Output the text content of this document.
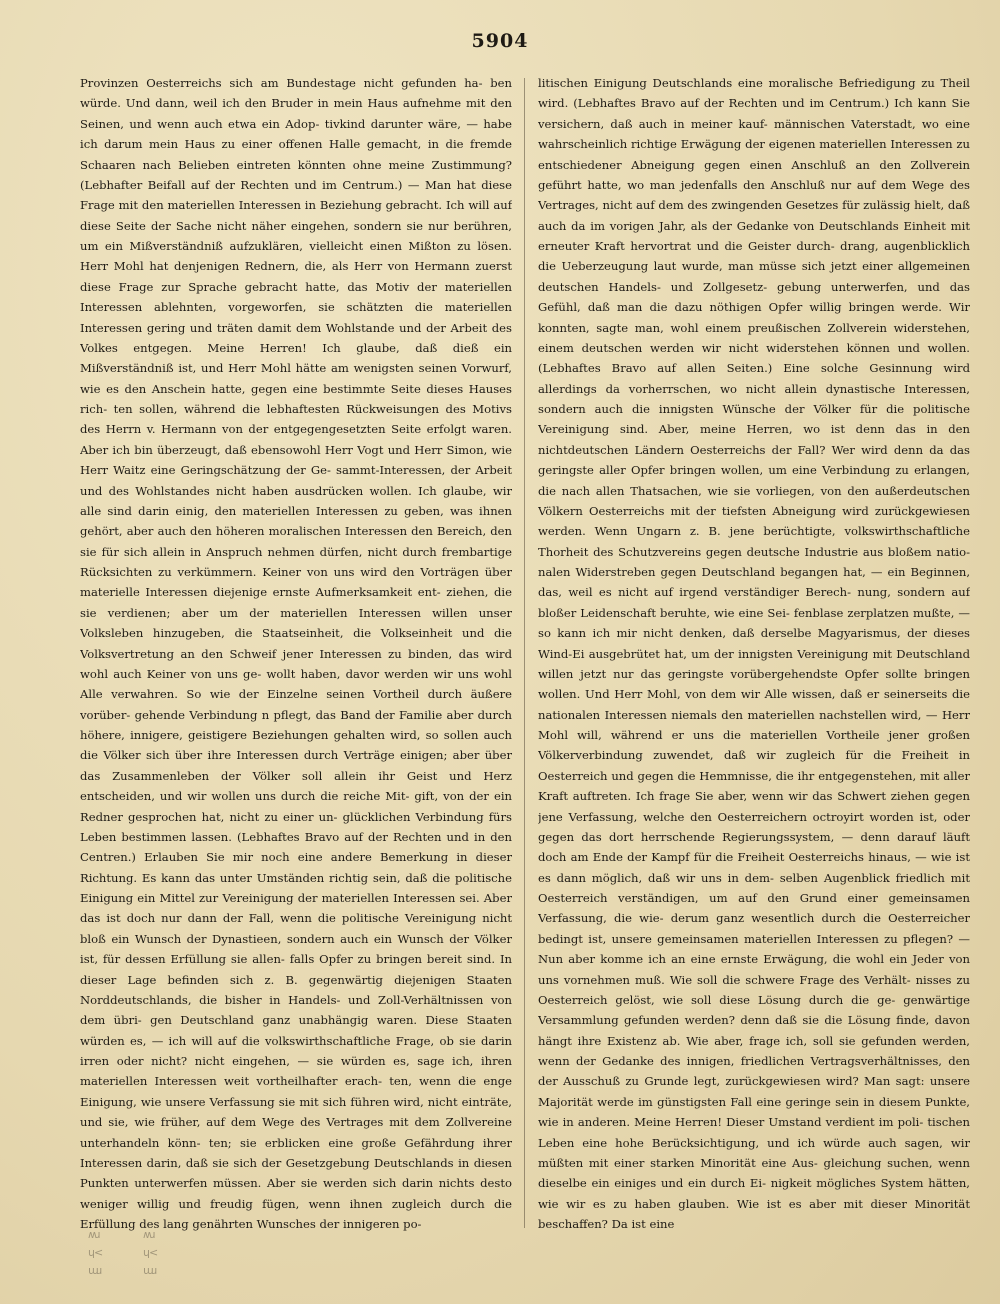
5904

Provinzen Oesterreichs sich am Bundestage nicht gefunden ha- ben würde. Und dann, weil ich den Bruder in mein Haus aufnehme mit den Seinen, und wenn auch etwa ein Adop- tivkind darunter wäre, — habe ich darum mein Haus zu einer offenen Halle gemacht, in die fremde Schaaren nach Belieben eintreten könnten ohne meine Zustimmung? (Lebhafter Beifall auf der Rechten und im Centrum.) — Man hat diese Frage mit den materiellen Interessen in Beziehung gebracht. Ich will auf diese Seite der Sache nicht näher eingehen, sondern sie nur berühren, um ein Mißverständniß aufzuklären, vielleicht einen Mißton zu lösen. Herr Mohl hat denjenigen Rednern, die, als Herr von Hermann zuerst diese Frage zur Sprache gebracht hatte, das Motiv der materiellen Interessen ablehnten, vorgeworfen, sie schätzten die materiellen Interessen gering und träten damit dem Wohlstande und der Arbeit des Volkes entgegen. Meine Herren! Ich glaube, daß dieß ein Mißverständniß ist, und Herr Mohl hätte am wenigsten seinen Vorwurf, wie es den Anschein hatte, gegen eine bestimmte Seite dieses Hauses rich- ten sollen, während die lebhaftesten Rückweisungen des Motivs des Herrn v. Hermann von der entgegengesetzten Seite erfolgt waren. Aber ich bin überzeugt, daß ebensowohl Herr Vogt und Herr Simon, wie Herr Waitz eine Geringschätzung der Ge- sammt-Interessen, der Arbeit und des Wohlstandes nicht haben ausdrücken wollen. Ich glaube, wir alle sind darin einig, den materiellen Interessen zu geben, was ihnen gehört, aber auch den höheren moralischen Interessen den Bereich, den sie für sich allein in Anspruch nehmen dürfen, nicht durch frembartige Rücksichten zu verkümmern. Keiner von uns wird den Vorträgen über materielle Interessen diejenige ernste Aufmerksamkeit ent- ziehen, die sie verdienen; aber um der materiellen Interessen willen unser Volksleben hinzugeben, die Staatseinheit, die Volkseinheit und die Volksvertretung an den Schweif jener Interessen zu binden, das wird wohl auch Keiner von uns ge- wollt haben, davor werden wir uns wohl Alle verwahren. So wie der Einzelne seinen Vortheil durch äußere vorüber- gehende Verbindung n pflegt, das Band der Familie aber durch höhere, innigere, geistigere Beziehungen gehalten wird, so sollen auch die Völker sich über ihre Interessen durch Verträge einigen; aber über das Zusammenleben der Völker soll allein ihr Geist und Herz entscheiden, und wir wollen uns durch die reiche Mit- gift, von der ein Redner gesprochen hat, nicht zu einer un- glücklichen Verbindung fürs Leben bestimmen lassen. (Lebhaftes Bravo auf der Rechten und in den Centren.) Erlauben Sie mir noch eine andere Bemerkung in dieser Richtung. Es kann das unter Umständen richtig sein, daß die politische Einigung ein Mittel zur Vereinigung der materiellen Interessen sei. Aber das ist doch nur dann der Fall, wenn die politische Vereinigung nicht bloß ein Wunsch der Dynastieen, sondern auch ein Wunsch der Völker ist, für dessen Erfüllung sie allen- falls Opfer zu bringen bereit sind. In dieser Lage befinden sich z. B. gegenwärtig diejenigen Staaten Norddeutschlands, die bisher in Handels- und Zoll-Verhältnissen von dem übri- gen Deutschland ganz unabhängig waren. Diese Staaten würden es, — ich will auf die volkswirthschaftliche Frage, ob sie darin irren oder nicht? nicht eingehen, — sie würden es, sage ich, ihren materiellen Interessen weit vortheilhafter erach- ten, wenn die enge Einigung, wie unsere Verfassung sie mit sich führen wird, nicht einträte, und sie, wie früher, auf dem Wege des Vertrages mit dem Zollvereine unterhandeln könn- ten; sie erblicken eine große Gefährdung ihrer Interessen darin, daß sie sich der Gesetzgebung Deutschlands in diesen Punkten unterwerfen müssen. Aber sie werden sich darin nichts desto weniger willig und freudig fügen, wenn ihnen zugleich durch die Erfüllung des lang genährten Wunsches der innigeren po-

litischen Einigung Deutschlands eine moralische Befriedigung zu Theil wird. (Lebhaftes Bravo auf der Rechten und im Centrum.) Ich kann Sie versichern, daß auch in meiner kauf- männischen Vaterstadt, wo eine wahrscheinlich richtige Erwägung der eigenen materiellen Interessen zu entschiedener Abneigung gegen einen Anschluß an den Zollverein geführt hatte, wo man jedenfalls den Anschluß nur auf dem Wege des Vertrages, nicht auf dem des zwingenden Gesetzes für zulässig hielt, daß auch da im vorigen Jahr, als der Gedanke von Deutschlands Einheit mit erneuter Kraft hervortrat und die Geister durch- drang, augenblicklich die Ueberzeugung laut wurde, man müsse sich jetzt einer allgemeinen deutschen Handels- und Zollgesetz- gebung unterwerfen, und das Gefühl, daß man die dazu nöthigen Opfer willig bringen werde. Wir konnten, sagte man, wohl einem preußischen Zollverein widerstehen, einem deutschen werden wir nicht widerstehen können und wollen. (Lebhaftes Bravo auf allen Seiten.) Eine solche Gesinnung wird allerdings da vorherrschen, wo nicht allein dynastische Interessen, sondern auch die innigsten Wünsche der Völker für die politische Vereinigung sind. Aber, meine Herren, wo ist denn das in den nichtdeutschen Ländern Oesterreichs der Fall? Wer wird denn da das geringste aller Opfer bringen wollen, um eine Verbindung zu erlangen, die nach allen Thatsachen, wie sie vorliegen, von den außerdeutschen Völkern Oesterreichs mit der tiefsten Abneigung wird zurückgewiesen werden. Wenn Ungarn z. B. jene berüchtigte, volkswirthschaftliche Thorheit des Schutzvereins gegen deutsche Industrie aus bloßem natio- nalen Widerstreben gegen Deutschland begangen hat, — ein Beginnen, das, weil es nicht auf irgend verständiger Berech- nung, sondern auf bloßer Leidenschaft beruhte, wie eine Sei- fenblase zerplatzen mußte, — so kann ich mir nicht denken, daß derselbe Magyarismus, der dieses Wind-Ei ausgebrütet hat, um der innigsten Vereinigung mit Deutschland willen jetzt nur das geringste vorübergehendste Opfer sollte bringen wollen. Und Herr Mohl, von dem wir Alle wissen, daß er seinerseits die nationalen Interessen niemals den materiellen nachstellen wird, — Herr Mohl will, während er uns die materiellen Vortheile jener großen Völkerverbindung zuwendet, daß wir zugleich für die Freiheit in Oesterreich und gegen die Hemmnisse, die ihr entgegenstehen, mit aller Kraft auftreten. Ich frage Sie aber, wenn wir das Schwert ziehen gegen jene Verfassung, welche den Oesterreichern octroyirt worden ist, oder gegen das dort herrschende Regierungssystem, — denn darauf läuft doch am Ende der Kampf für die Freiheit Oesterreichs hinaus, — wie ist es dann möglich, daß wir uns in dem- selben Augenblick friedlich mit Oesterreich verständigen, um auf den Grund einer gemeinsamen Verfassung, die wie- derum ganz wesentlich durch die Oesterreicher bedingt ist, unsere gemeinsamen materiellen Interessen zu pflegen? — Nun aber komme ich an eine ernste Erwägung, die wohl ein Jeder von uns vornehmen muß. Wie soll die schwere Frage des Verhält- nisses zu Oesterreich gelöst, wie soll diese Lösung durch die ge- genwärtige Versammlung gefunden werden? denn daß sie die Lösung finde, davon hängt ihre Existenz ab. Wie aber, frage ich, soll sie gefunden werden, wenn der Gedanke des innigen, friedlichen Vertragsverhältnisses, den der Ausschuß zu Grunde legt, zurückgewiesen wird? Man sagt: unsere Majorität werde im günstigsten Fall eine geringe sein in diesem Punkte, wie in anderen. Meine Herren! Dieser Umstand verdient im poli- tischen Leben eine hohe Berücksichtigung, und ich würde auch sagen, wir müßten mit einer starken Minorität eine Aus- gleichung suchen, wenn dieselbe ein einiges und ein durch Ei- nigkeit mögliches System hätten, wie wir es zu haben glauben. Wie ist es aber mit dieser Minorität beschaffen? Da ist eine

ʍɹ	ʍɹ
ɥ<	ɥ<
ɯɹ	ɯɹ
